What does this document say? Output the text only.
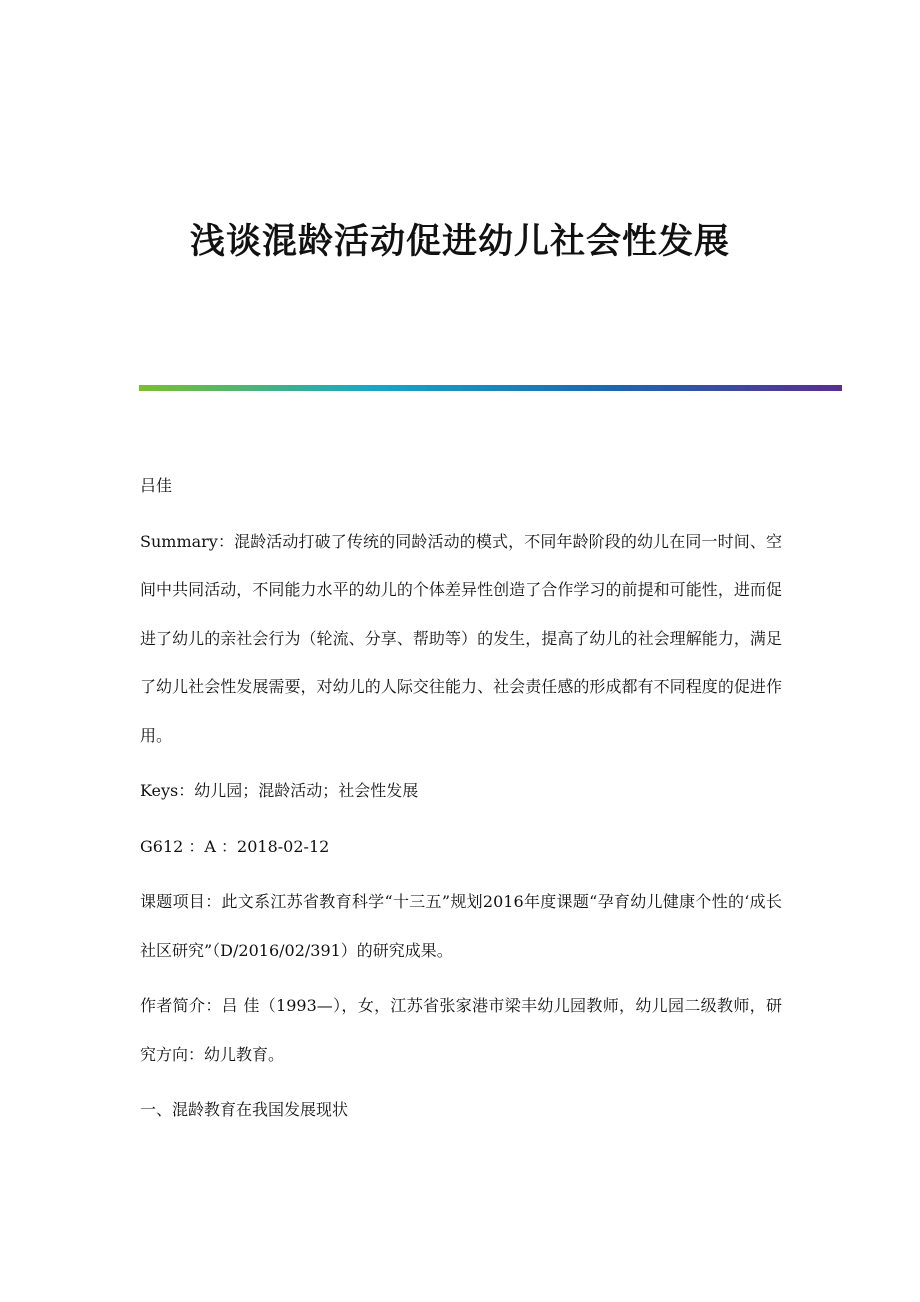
浅谈混龄活动促进幼儿社会性发展

吕佳

Summary：混龄活动打破了传统的同龄活动的模式，不同年龄阶段的幼儿在同一时间、空间中共同活动，不同能力水平的幼儿的个体差异性创造了合作学习的前提和可能性，进而促进了幼儿的亲社会行为（轮流、分享、帮助等）的发生，提高了幼儿的社会理解能力，满足了幼儿社会性发展需要，对幼儿的人际交往能力、社会责任感的形成都有不同程度的促进作用。

Keys：幼儿园；混龄活动；社会性发展

G612 ：A ：2018-02-12

课题项目：此文系江苏省教育科学“十三五”规划2016年度课题“孕育幼儿健康个性的‘成长社区研究”（D/2016/02/391）的研究成果。

作者简介：吕 佳（1993—），女，江苏省张家港市梁丰幼儿园教师，幼儿园二级教师，研究方向：幼儿教育。

一、混龄教育在我国发展现状
